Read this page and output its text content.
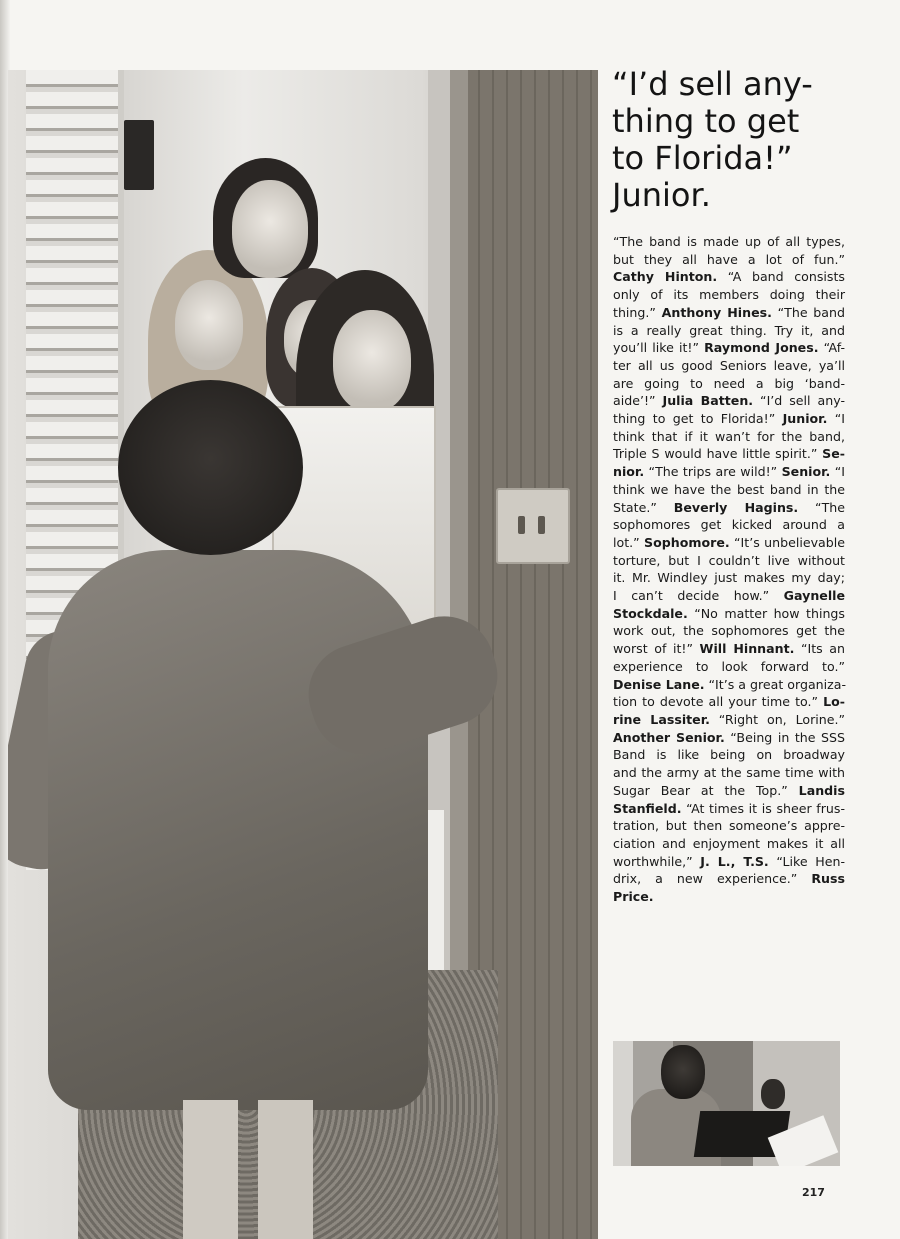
“I’d sell any-
thing to get
to Florida!”
Junior.
“The band is made up of all types,
but they all have a lot of fun.”
Cathy Hinton. “A band consists
only of its members doing their
thing.” Anthony Hines. “The band
is a really great thing. Try it, and
you’ll like it!” Raymond Jones. “Af-
ter all us good Seniors leave, ya’ll
are going to need a big ‘band-
aide’!” Julia Batten. “I’d sell any-
thing to get to Florida!” Junior. “I
think that if it wan’t for the band,
Triple S would have little spirit.” Se-
nior. “The trips are wild!” Senior. “I
think we have the best band in the
State.” Beverly Hagins. “The
sophomores get kicked around a
lot.” Sophomore. “It’s unbelievable
torture, but I couldn’t live without
it. Mr. Windley just makes my day;
I can’t decide how.” Gaynelle
Stockdale. “No matter how things
work out, the sophomores get the
worst of it!” Will Hinnant. “Its an
experience to look forward to.”
Denise Lane. “It’s a great organiza-
tion to devote all your time to.” Lo-
rine Lassiter. “Right on, Lorine.”
Another Senior. “Being in the SSS
Band is like being on broadway
and the army at the same time with
Sugar Bear at the Top.” Landis
Stanfield. “At times it is sheer frus-
tration, but then someone’s appre-
ciation and enjoyment makes it all
worthwhile,” J. L., T.S. “Like Hen-
drix, a new experience.” Russ
Price.
217
